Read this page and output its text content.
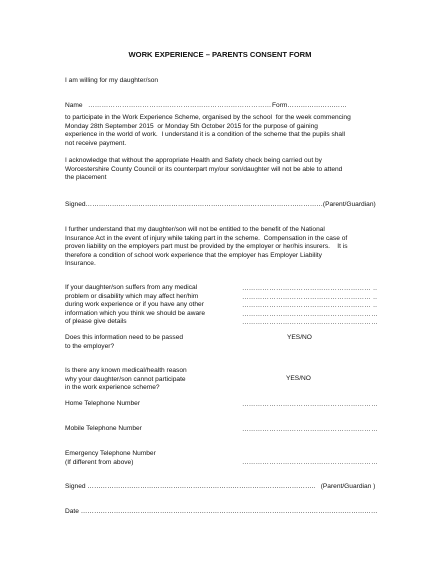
WORK EXPERIENCE – PARENTS CONSENT FORM
I am willing for my daughter/son
Name ……………………………………………………………………… Form………………………
to participate in the Work Experience Scheme, organised by the school  for the week commencing
Monday 28th September 2015  or Monday 5th October 2015 for the purpose of gaining
experience in the world of work.  I understand it is a condition of the scheme that the pupils shall
not receive payment.
I acknowledge that without the appropriate Health and Safety check being carried out by
Worcestershire County Council or its counterpart my/our son/daughter will not be able to attend
the placement
Signed………………………………………………………………………………………………(Parent/Guardian)
I further understand that my daughter/son will not be entitled to the benefit of the National
Insurance Act in the event of injury while taking part in the scheme.  Compensation in the case of
proven liability on the employers part must be provided by the employer or her/his insurers.    It is
therefore a condition of school work experience that the employer has Employer Liability
Insurance.
If your daughter/son suffers from any medical
problem or disability which may affect her/him
during work experience or if you have any other
information which you think we should be aware
of please give details
………………………………………………… ..
………………………………………………… ..
………………………………………………… ..
……………………………………………………
……………………………………………………
Does this information need to be passed
to the employer?
YES/NO
Is there any known medical/health reason
why your daughter/son cannot participate
in the work experience scheme?
YES/NO
Home Telephone Number	……………………………………………………
Mobile Telephone Number	……………………………………………………
Emergency Telephone Number
(If different from above)	……………………………………………………
Signed …………………………………………………………………………………………..   (Parent/Guardian )
Date ………………………………………………………………………………………………………………………
